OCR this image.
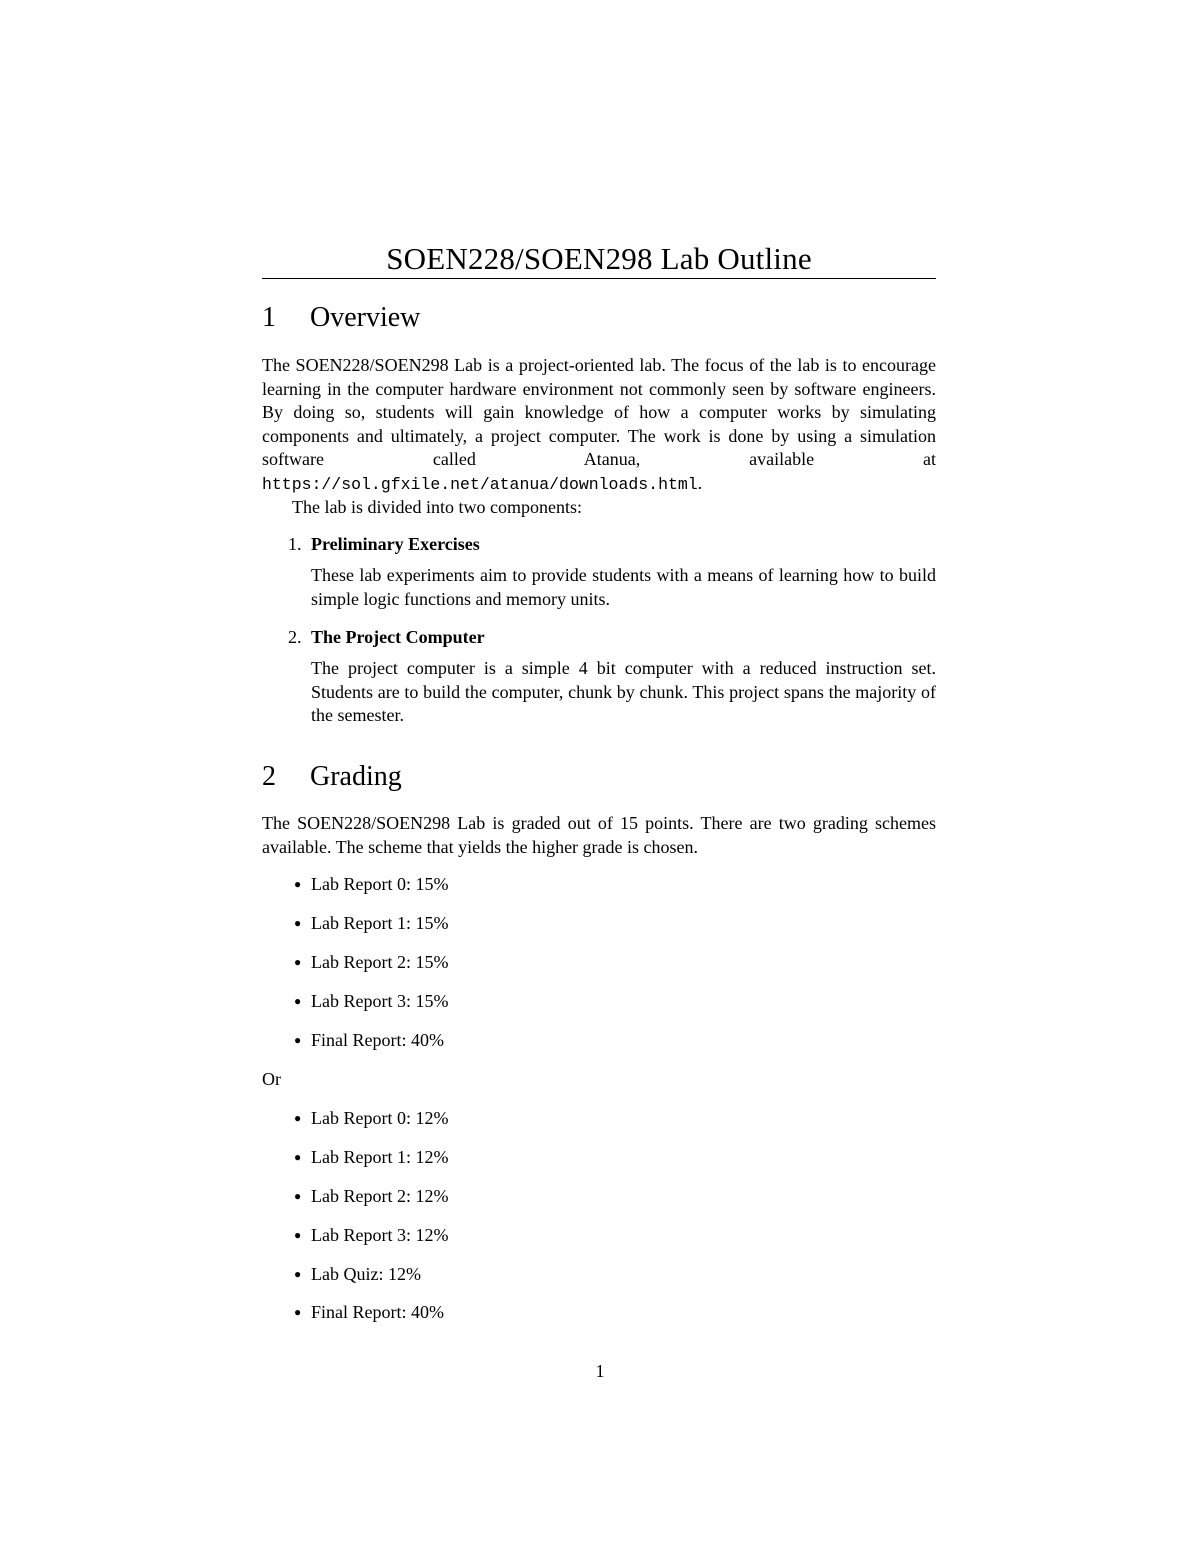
SOEN228/SOEN298 Lab Outline
1 Overview

The SOEN228/SOEN298 Lab is a project-oriented lab. The focus of the lab is to encourage learning in the computer hardware environment not commonly seen by software engineers. By doing so, students will gain knowledge of how a computer works by simulating components and ultimately, a project computer. The work is done by using a simulation software called Atanua, available at https://sol.gfxile.net/atanua/downloads.html.

The lab is divided into two components:

1. Preliminary Exercises
These lab experiments aim to provide students with a means of learning how to build simple logic functions and memory units.
2. The Project Computer
The project computer is a simple 4 bit computer with a reduced instruction set. Students are to build the computer, chunk by chunk. This project spans the majority of the semester.
2 Grading
The SOEN228/SOEN298 Lab is graded out of 15 points. There are two grading schemes available. The scheme that yields the higher grade is chosen.
● Lab Report 0: 15%
● Lab Report 1: 15%
● Lab Report 2: 15%
● Lab Report 3: 15%
● Final Report: 40%
Or
● Lab Report 0: 12%
● Lab Report 1: 12%
● Lab Report 2: 12%
● Lab Report 3: 12%
● Lab Quiz: 12%
● Final Report: 40%
1
